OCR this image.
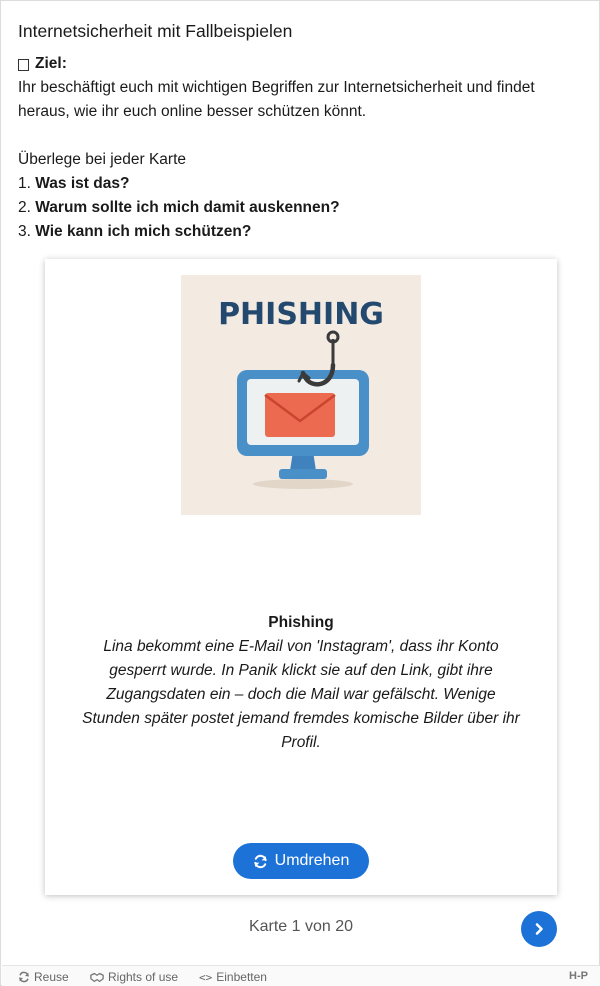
Internetsicherheit mit Fallbeispielen
Ziel:
Ihr beschäftigt euch mit wichtigen Begriffen zur Internetsicherheit und findet heraus, wie ihr euch online besser schützen könnt.
Überlege bei jeder Karte
1. Was ist das?
2. Warum sollte ich mich damit auskennen?
3. Wie kann ich mich schützen?
PHISHING
Phishing
Lina bekommt eine E-Mail von 'Instagram', dass ihr Konto gesperrt wurde. In Panik klickt sie auf den Link, gibt ihre Zugangsdaten ein – doch die Mail war gefälscht. Wenige Stunden später postet jemand fremdes komische Bilder über ihr Profil.
Umdrehen
Karte 1 von 20
Reuse	Rights of use <> Einbetten	H-P
